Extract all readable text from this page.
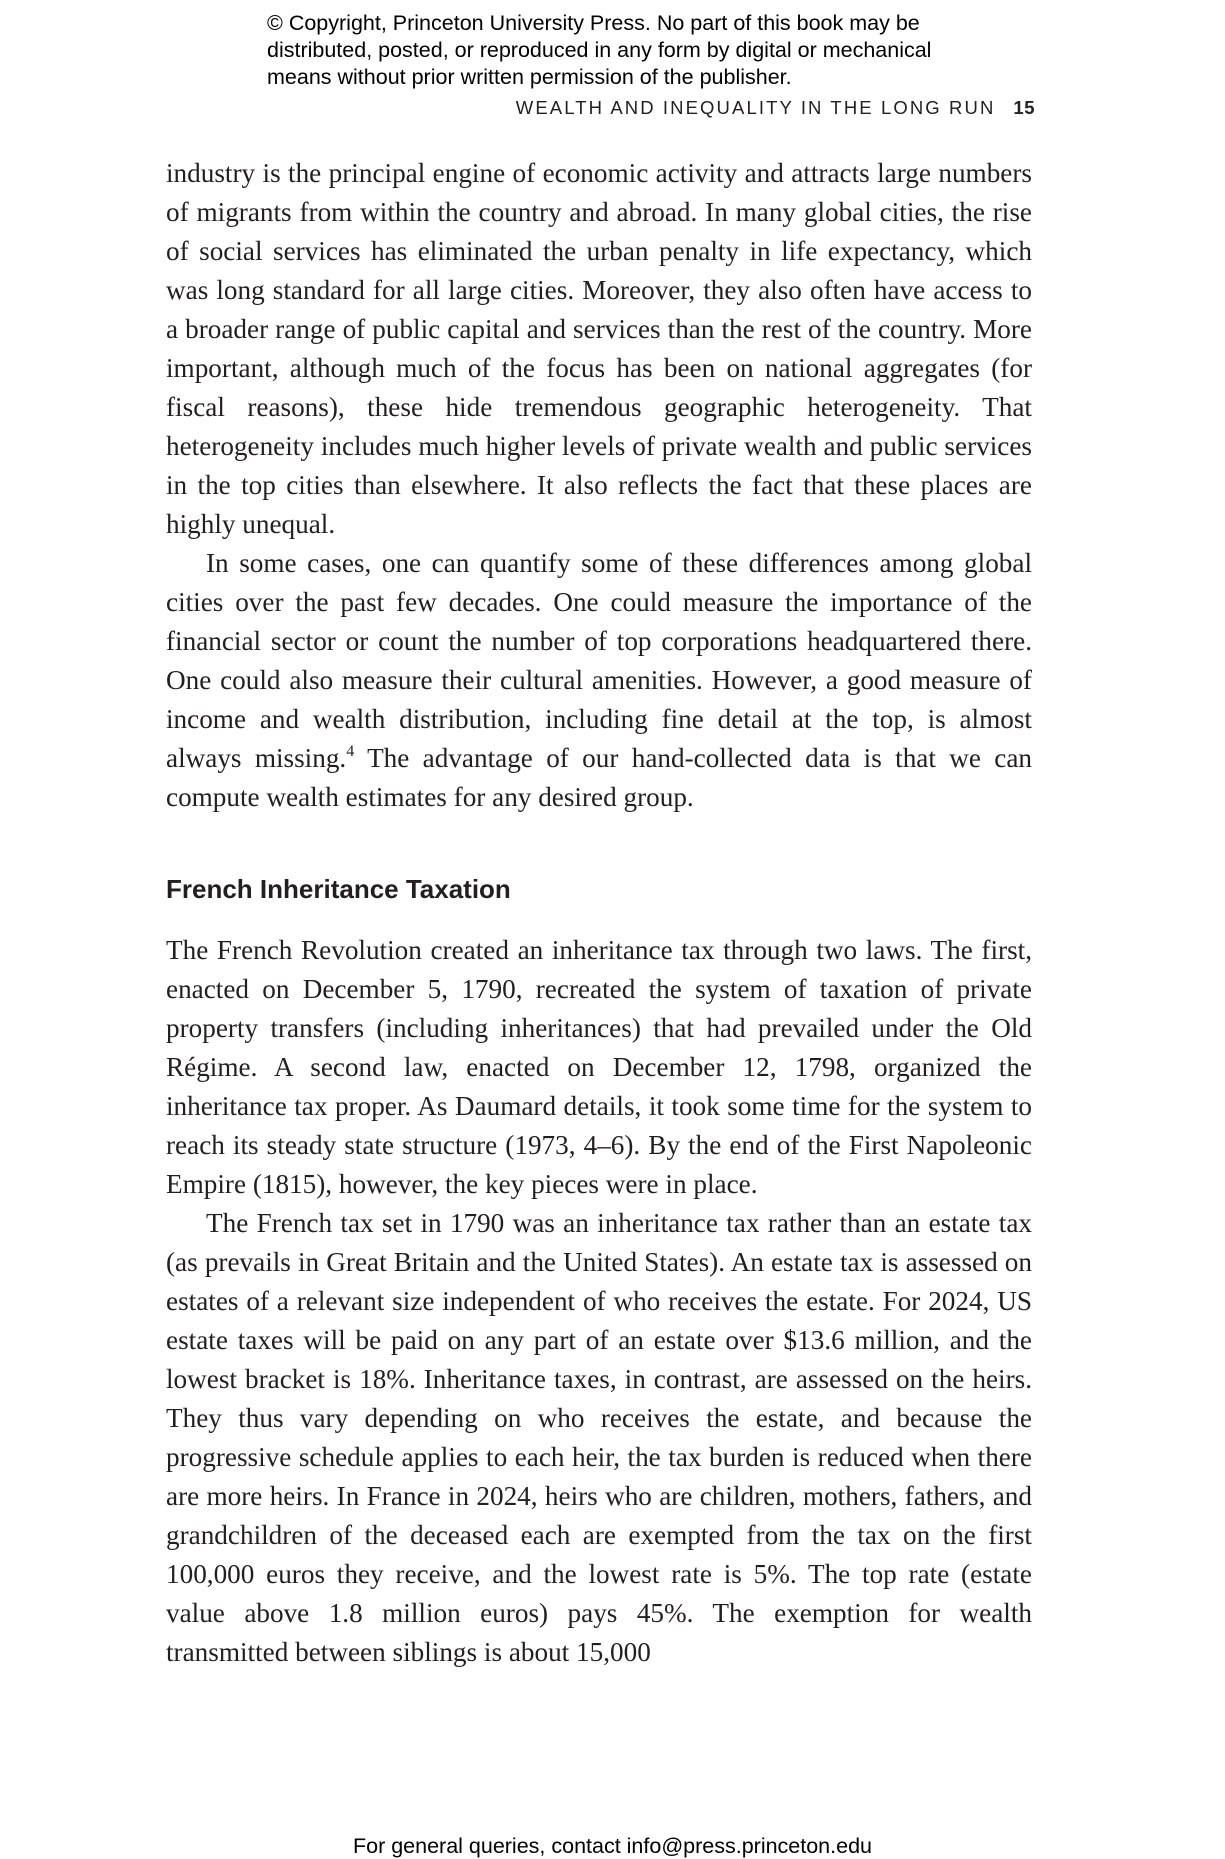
© Copyright, Princeton University Press. No part of this book may be
distributed, posted, or reproduced in any form by digital or mechanical
means without prior written permission of the publisher.
WEALTH AND INEQUALITY IN THE LONG RUN 15

industry is the principal engine of economic activity and attracts large numbers of migrants from within the country and abroad. In many global cities, the rise of social services has eliminated the urban penalty in life expectancy, which was long standard for all large cities. Moreover, they also often have access to a broader range of public capital and services than the rest of the country. More important, although much of the focus has been on national aggregates (for fiscal reasons), these hide tremendous geographic heterogeneity. That heterogeneity includes much higher levels of private wealth and public services in the top cities than elsewhere. It also reflects the fact that these places are highly unequal.

In some cases, one can quantify some of these differences among global cities over the past few decades. One could measure the importance of the financial sector or count the number of top corporations headquartered there. One could also measure their cultural amenities. However, a good measure of income and wealth distribution, including fine detail at the top, is almost always missing.$^4$ The advantage of our hand-collected data is that we can compute wealth estimates for any desired group.

French Inheritance Taxation

The French Revolution created an inheritance tax through two laws. The first, enacted on December 5, 1790, recreated the system of taxation of private property transfers (including inheritances) that had prevailed under the Old Régime. A second law, enacted on December 12, 1798, organized the inheritance tax proper. As Daumard details, it took some time for the system to reach its steady state structure (1973, 4–6). By the end of the First Napoleonic Empire (1815), however, the key pieces were in place.

The French tax set in 1790 was an inheritance tax rather than an estate tax (as prevails in Great Britain and the United States). An estate tax is assessed on estates of a relevant size independent of who receives the estate. For 2024, US estate taxes will be paid on any part of an estate over $13.6 million, and the lowest bracket is 18%. Inheritance taxes, in contrast, are assessed on the heirs. They thus vary depending on who receives the estate, and because the progressive schedule applies to each heir, the tax burden is reduced when there are more heirs. In France in 2024, heirs who are children, mothers, fathers, and grandchildren of the deceased each are exempted from the tax on the first 100,000 euros they receive, and the lowest rate is 5%. The top rate (estate value above 1.8 million euros) pays 45%. The exemption for wealth transmitted between siblings is about 15,000

For general queries, contact info@press.princeton.edu
